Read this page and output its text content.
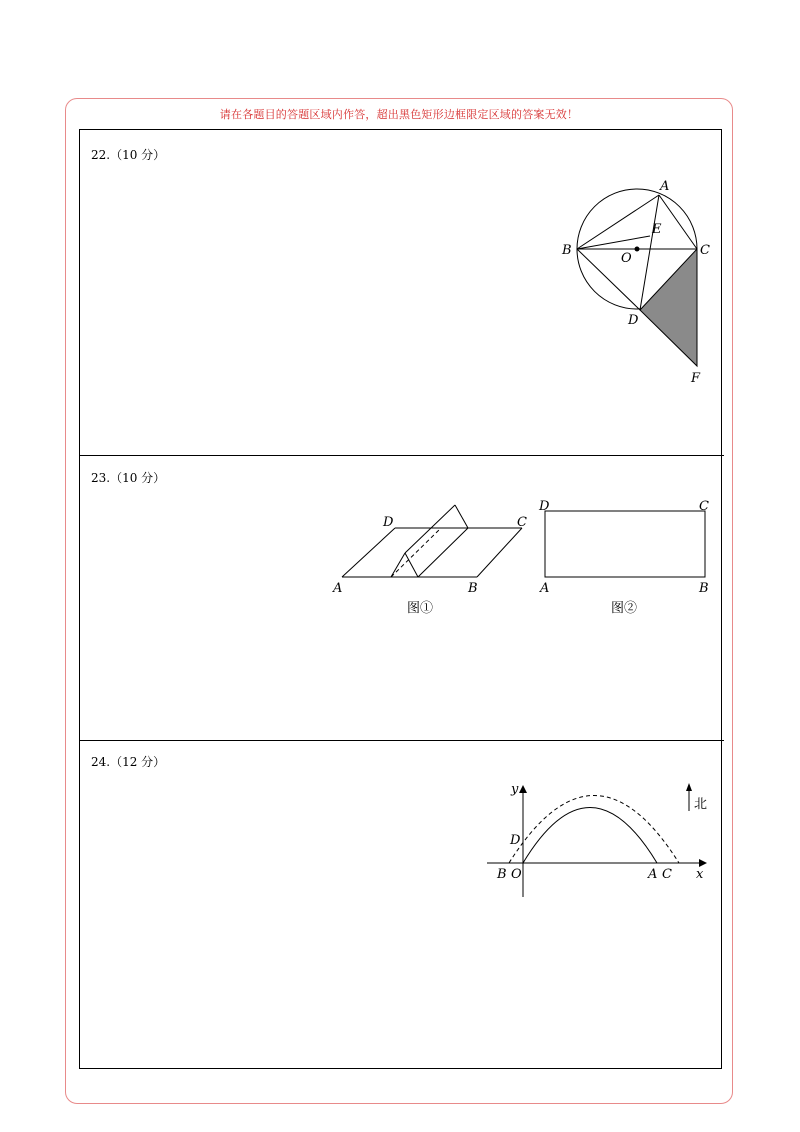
请在各题目的答题区域内作答，超出黑色矩形边框限定区域的答案无效！
22.（10 分）
A
B	C
D
E
F
O
23.（10 分）
A	B
C
D
图①
A	B
C
D
图②
24.（12 分）
B O	A C
D
x
y
北
